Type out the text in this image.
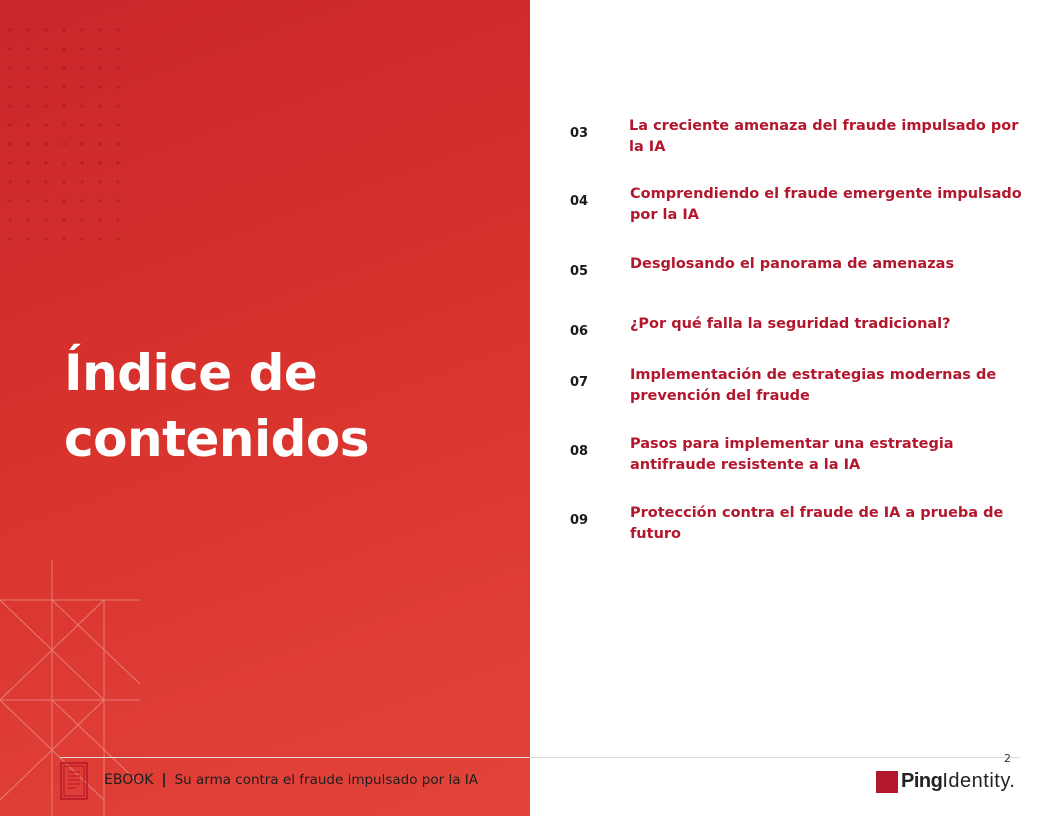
Índice de
contenidos
03	La creciente amenaza del fraude impulsado por la IA
04	Comprendiendo el fraude emergente impulsado por la IA
05	Desglosando el panorama de amenazas
06	¿Por qué falla la seguridad tradicional?
07	Implementación de estrategias modernas de prevención del fraude
08	Pasos para implementar una estrategia antifraude resistente a la IA
09	Protección contra el fraude de IA a prueba de futuro
EBOOK | Su arma contra el fraude impulsado por la IA
2
Ping Identity.
